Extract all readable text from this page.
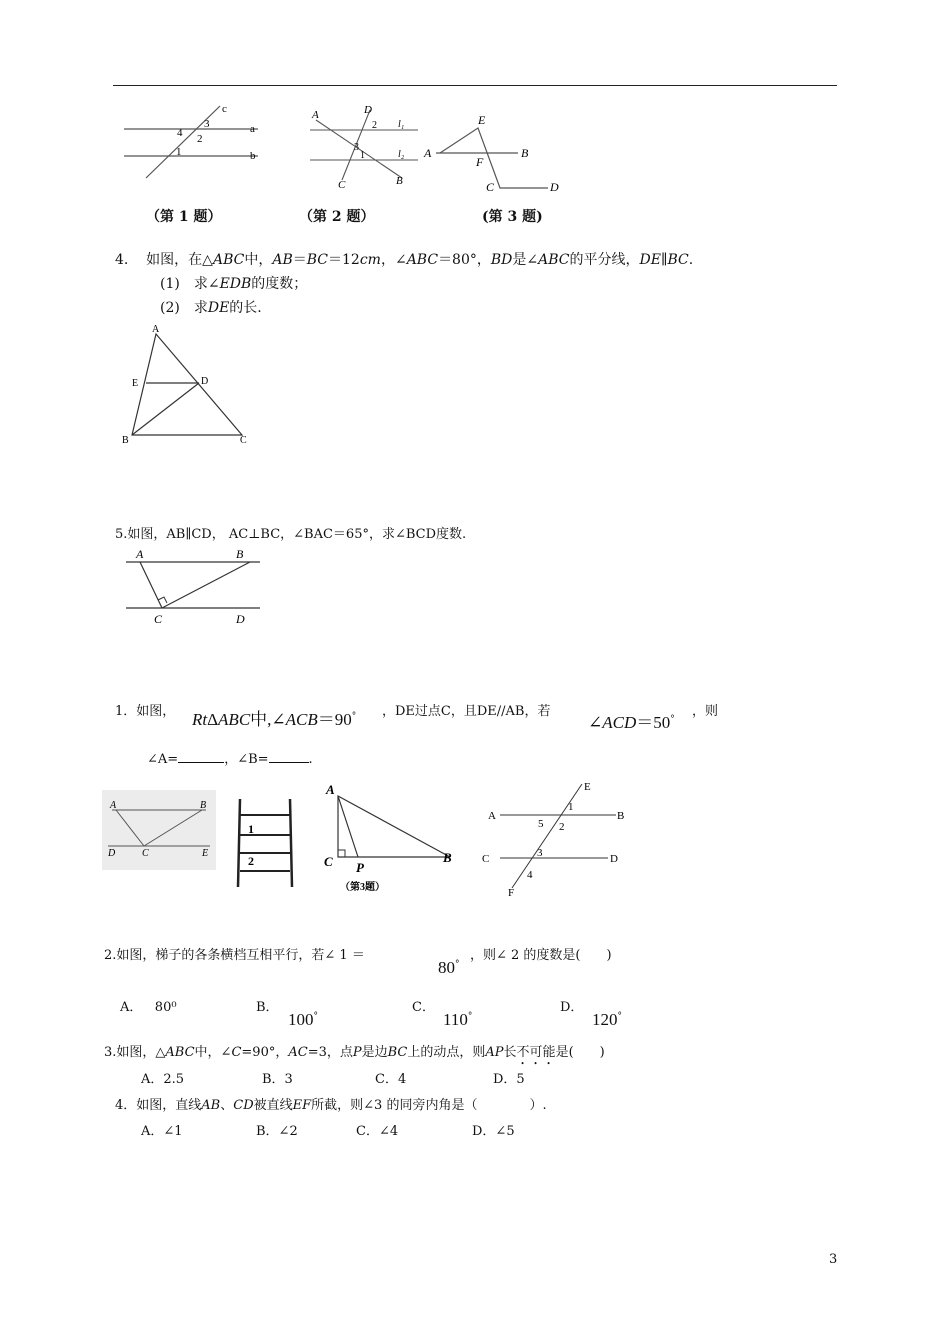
c
a
b
3
4 2
1
（第 1 题）
A	D
C	B
l₁
l₂
2
3
1
（第 2 题）
A	B
E
F
C	D
(第 3 题)
4. 如图，在△ABC中，AB＝BC＝12cm，∠ABC＝80°，BD是∠ABC的平分线，DE∥BC.
(1)　求∠EDB的度数；
(2)　求DE的长.
A
E	D
B	C
5.如图，AB∥CD， AC⊥BC，∠BAC＝65°，求∠BCD度数.
A	B
C	D
1．如图， RtΔABC中,∠ACB＝90° ，DE过点C，且DE//AB，若
∠ACD＝50°
，则
∠A=	，∠B=	.
A	B
D	C	E
1
2
A
C P
B
（第3题）
A	B
C	D
E
F
1
2
3
4
5
2.如图，梯子的各条横档互相平行，若∠ 1 ＝
80°
，则∠ 2 的度数是(　　)
A． 80⁰	B．
100°
C．
110°
D．
120°
3.如图，△ABC中，∠C=90°，AC=3，点P是边BC上的动点，则AP长不可能是(　　)
A．2.5	B．3	C．4	D．5
4．如图，直线AB、CD被直线EF所截，则∠3 的同旁内角是（　　　　）.
A．∠1	B．∠2	C．∠4	D．∠5
3
